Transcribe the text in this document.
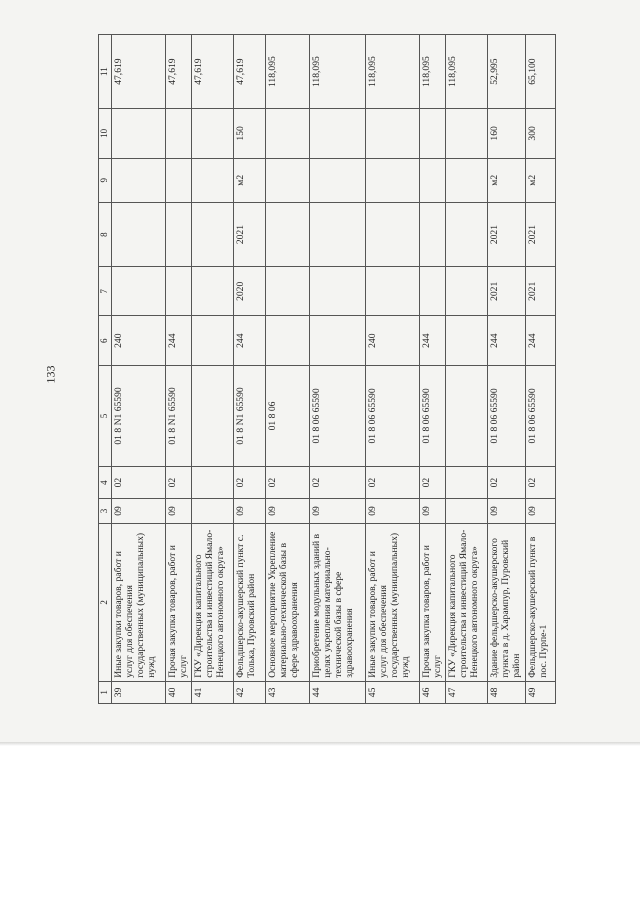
133
1	2	3	4	5	6	7	8	9	10	11
39	Иные закупки товаров, работ и услуг для обеспечения государственных (муниципальных) нужд	09	02	01 8 N1 65590	240					47,619
40	Прочая закупка товаров, работ и услуг	09	02	01 8 N1 65590	244					47,619
41	ГКУ «Дирекция капитального строительства и инвестиций Ямало-Ненецкого автономного округа»									47,619
42	Фельдшерско-акушерский пункт с. Толька, Пуровский район	09	02	01 8 N1 65590	244	2020	2021	м2	150	47,619
43	Основное мероприятие Укрепление материально-технической базы в сфере здравоохранения	09	02	01 8 06						118,095
44	Приобретение модульных зданий в целях укрепления материально-технической базы в сфере здравоохранения	09	02	01 8 06 65590						118,095
45	Иные закупки товаров, работ и услуг для обеспечения государственных (муниципальных) нужд	09	02	01 8 06 65590	240					118,095
46	Прочая закупка товаров, работ и услуг	09	02	01 8 06 65590	244					118,095
47	ГКУ «Дирекция капитального строительства и инвестиций Ямало-Ненецкого автономного округа»									118,095
48	Здание фельдшерско-акушерского пункта в д. Харампур, Пуровский район	09	02	01 8 06 65590	244	2021	2021	м2	160	52,995
49	Фельдшерско-акушерский пункт в пос. Пурпе-1	09	02	01 8 06 65590	244	2021	2021	м2	300	65,100
